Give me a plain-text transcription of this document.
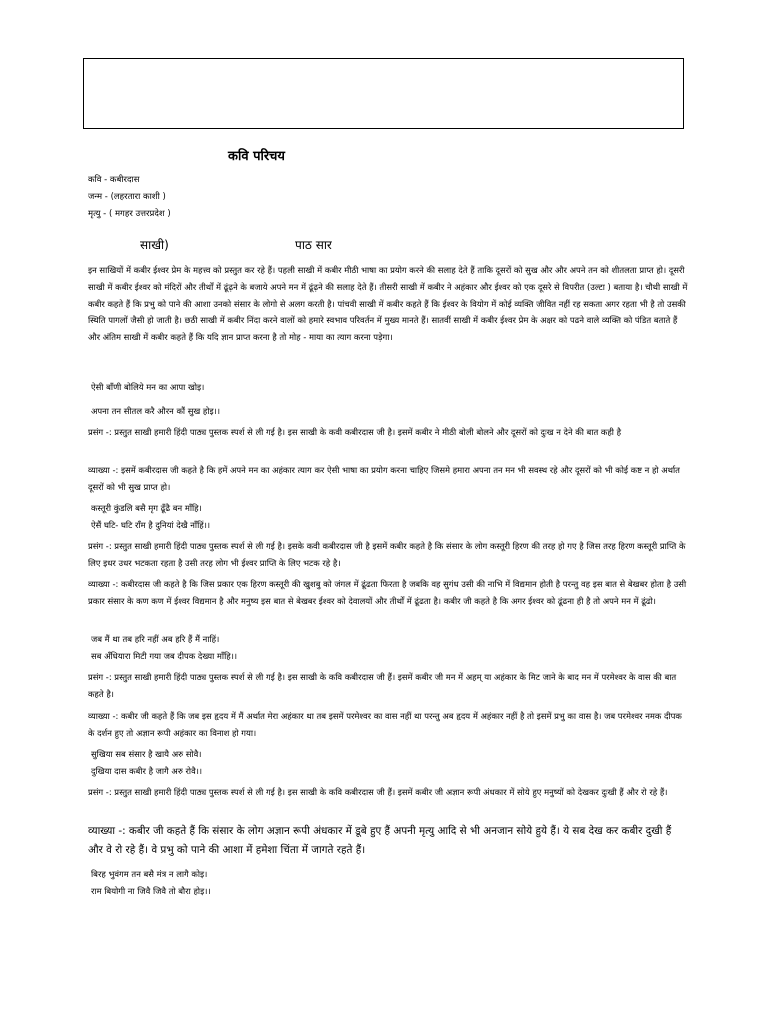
कवि परिचय
कवि - कबीरदास
जन्म - (लहरतारा काशी )
मृत्यु - ( मगहर उत्तरप्रदेश )
साखी)	पाठ सार
इन साखियों में कबीर ईश्वर प्रेम के महत्त्व को प्रस्तुत कर रहे हैं। पहली साखी में कबीर मीठी भाषा का प्रयोग करने की सलाह देते हैं ताकि दूसरों को सुख और और अपने तन को शीतलता प्राप्त हो। दूसरी साखी में कबीर ईश्वर को मंदिरों और तीर्थों में ढूंढ़ने के बजाये अपने मन में ढूंढ़ने की सलाह देते हैं। तीसरी साखी में कबीर ने अहंकार और ईश्वर को एक दूसरे से विपरीत (उल्टा ) बताया है। चौथी साखी में कबीर कहते हैं कि प्रभु को पाने की आशा उनको संसार के लोगो से अलग करती है। पांचवी साखी में कबीर कहते हैं कि ईश्वर के वियोग में कोई व्यक्ति जीवित नहीं रह सकता अगर रहता भी है तो उसकी स्थिति पागलों जैसी हो जाती है। छठी साखी में कबीर निंदा करने वालों को हमारे स्वभाव परिवर्तन में मुख्य मानते हैं। सातवीं साखी में कबीर ईश्वर प्रेम के अक्षर को पढने वाले व्यक्ति को पंडित बताते हैं और अंतिम साखी में कबीर कहते हैं कि यदि ज्ञान प्राप्त करना है तो मोह - माया का त्याग करना पड़ेगा।
ऐसी बाँणी बोलिये मन का आपा खोइ।
अपना तन सीतल करै औरन कौं सुख होइ।।
प्रसंग -: प्रस्तुत साखी हमारी हिंदी पाठ्य पुस्तक स्पर्श से ली गई है। इस साखी के कवी कबीरदास जी है। इसमें कबीर ने मीठी बोली बोलने और दूसरों को दुःख न देने की बात कही है
व्याख्या -: इसमें कबीरदास जी कहते है कि हमें अपने मन का अहंकार त्याग कर ऐसी भाषा का प्रयोग करना चाहिए जिसमे हमारा अपना तन मन भी सवस्थ रहे और दूसरों को भी कोई कष्ट न हो अर्थात दूसरों को भी सुख प्राप्त हो।
कस्तूरी कुंडलि बसै मृग ढूँढै बन माँहि।
ऐसैं घटि- घटि राँम है दुनियां देखै नाँहिं।।
प्रसंग -: प्रस्तुत साखी हमारी हिंदी पाठ्य पुस्तक स्पर्श से ली गई है। इसके कवी कबीरदास जी है इसमें कबीर कहते है कि संसार के लोग कस्तूरी हिरण की तरह हो गए है जिस तरह हिरण कस्तूरी प्राप्ति के लिए इधर उधर भटकता रहता है उसी तरह लोग भी ईश्वर प्राप्ति के लिए भटक रहे है।
व्याख्या -: कबीरदास जी कहते है कि जिस प्रकार एक हिरण कस्तूरी की खुशबु को जंगल में ढूंढता फिरता है जबकि वह सुगंध उसी की नाभि में विद्यमान होती है परन्तु वह इस बात से बेखबर होता है उसी प्रकार संसार के कण कण में ईश्वर विद्यमान है और मनुष्य इस बात से बेखबर ईश्वर को देवालयों और तीर्थों में ढूंढता है। कबीर जी कहते है कि अगर ईश्वर को ढूंढना ही है तो अपने मन में ढूंढो।
जब मैं था तब हरि नहीं अब हरि हैं मैं नाहिं।
सब अँधियारा मिटी गया जब दीपक देख्या माँहि।।
प्रसंग -: प्रस्तुत साखी हमारी हिंदी पाठ्य पुस्तक स्पर्श से ली गई है। इस साखी के कवि कबीरदास जी हैं। इसमें कबीर जी मन में अहम् या अहंकार के मिट जाने के बाद मन में परमेश्वर के वास की बात कहते है।
व्याख्या -: कबीर जी कहते हैं कि जब इस हृदय में मैं अर्थात मेरा अहंकार था तब इसमें परमेश्वर का वास नहीं था परन्तु अब हृदय में अहंकार नहीं है तो इसमें प्रभु का वास है। जब परमेश्वर नमक दीपक के दर्शन हुए तो अज्ञान रूपी अहंकार का विनाश हो गया।
सुखिया सब संसार है खायै अरु सोवै।
दुखिया दास कबीर है जागै अरु रोवै।।
प्रसंग -: प्रस्तुत साखी हमारी हिंदी पाठ्य पुस्तक स्पर्श से ली गई है। इस साखी के कवि कबीरदास जी हैं। इसमें कबीर जी अज्ञान रूपी अंधकार में सोये हुए मनुष्यों को देखकर दुःखी हैं और रो रहे हैं।
व्याख्या -: कबीर जी कहते हैं कि संसार के लोग अज्ञान रूपी अंधकार में डूबे हुए हैं अपनी मृत्यु आदि से भी अनजान सोये हुये हैं। ये सब देख कर कबीर दुखी हैं और वे रो रहे हैं। वे प्रभु को पाने की आशा में हमेशा चिंता में जागते रहते हैं।
बिरह भुवंगम तन बसै मंत्र न लागै कोइ।
राम बियोगी ना जिवै जिवै तो बौरा होइ।।
